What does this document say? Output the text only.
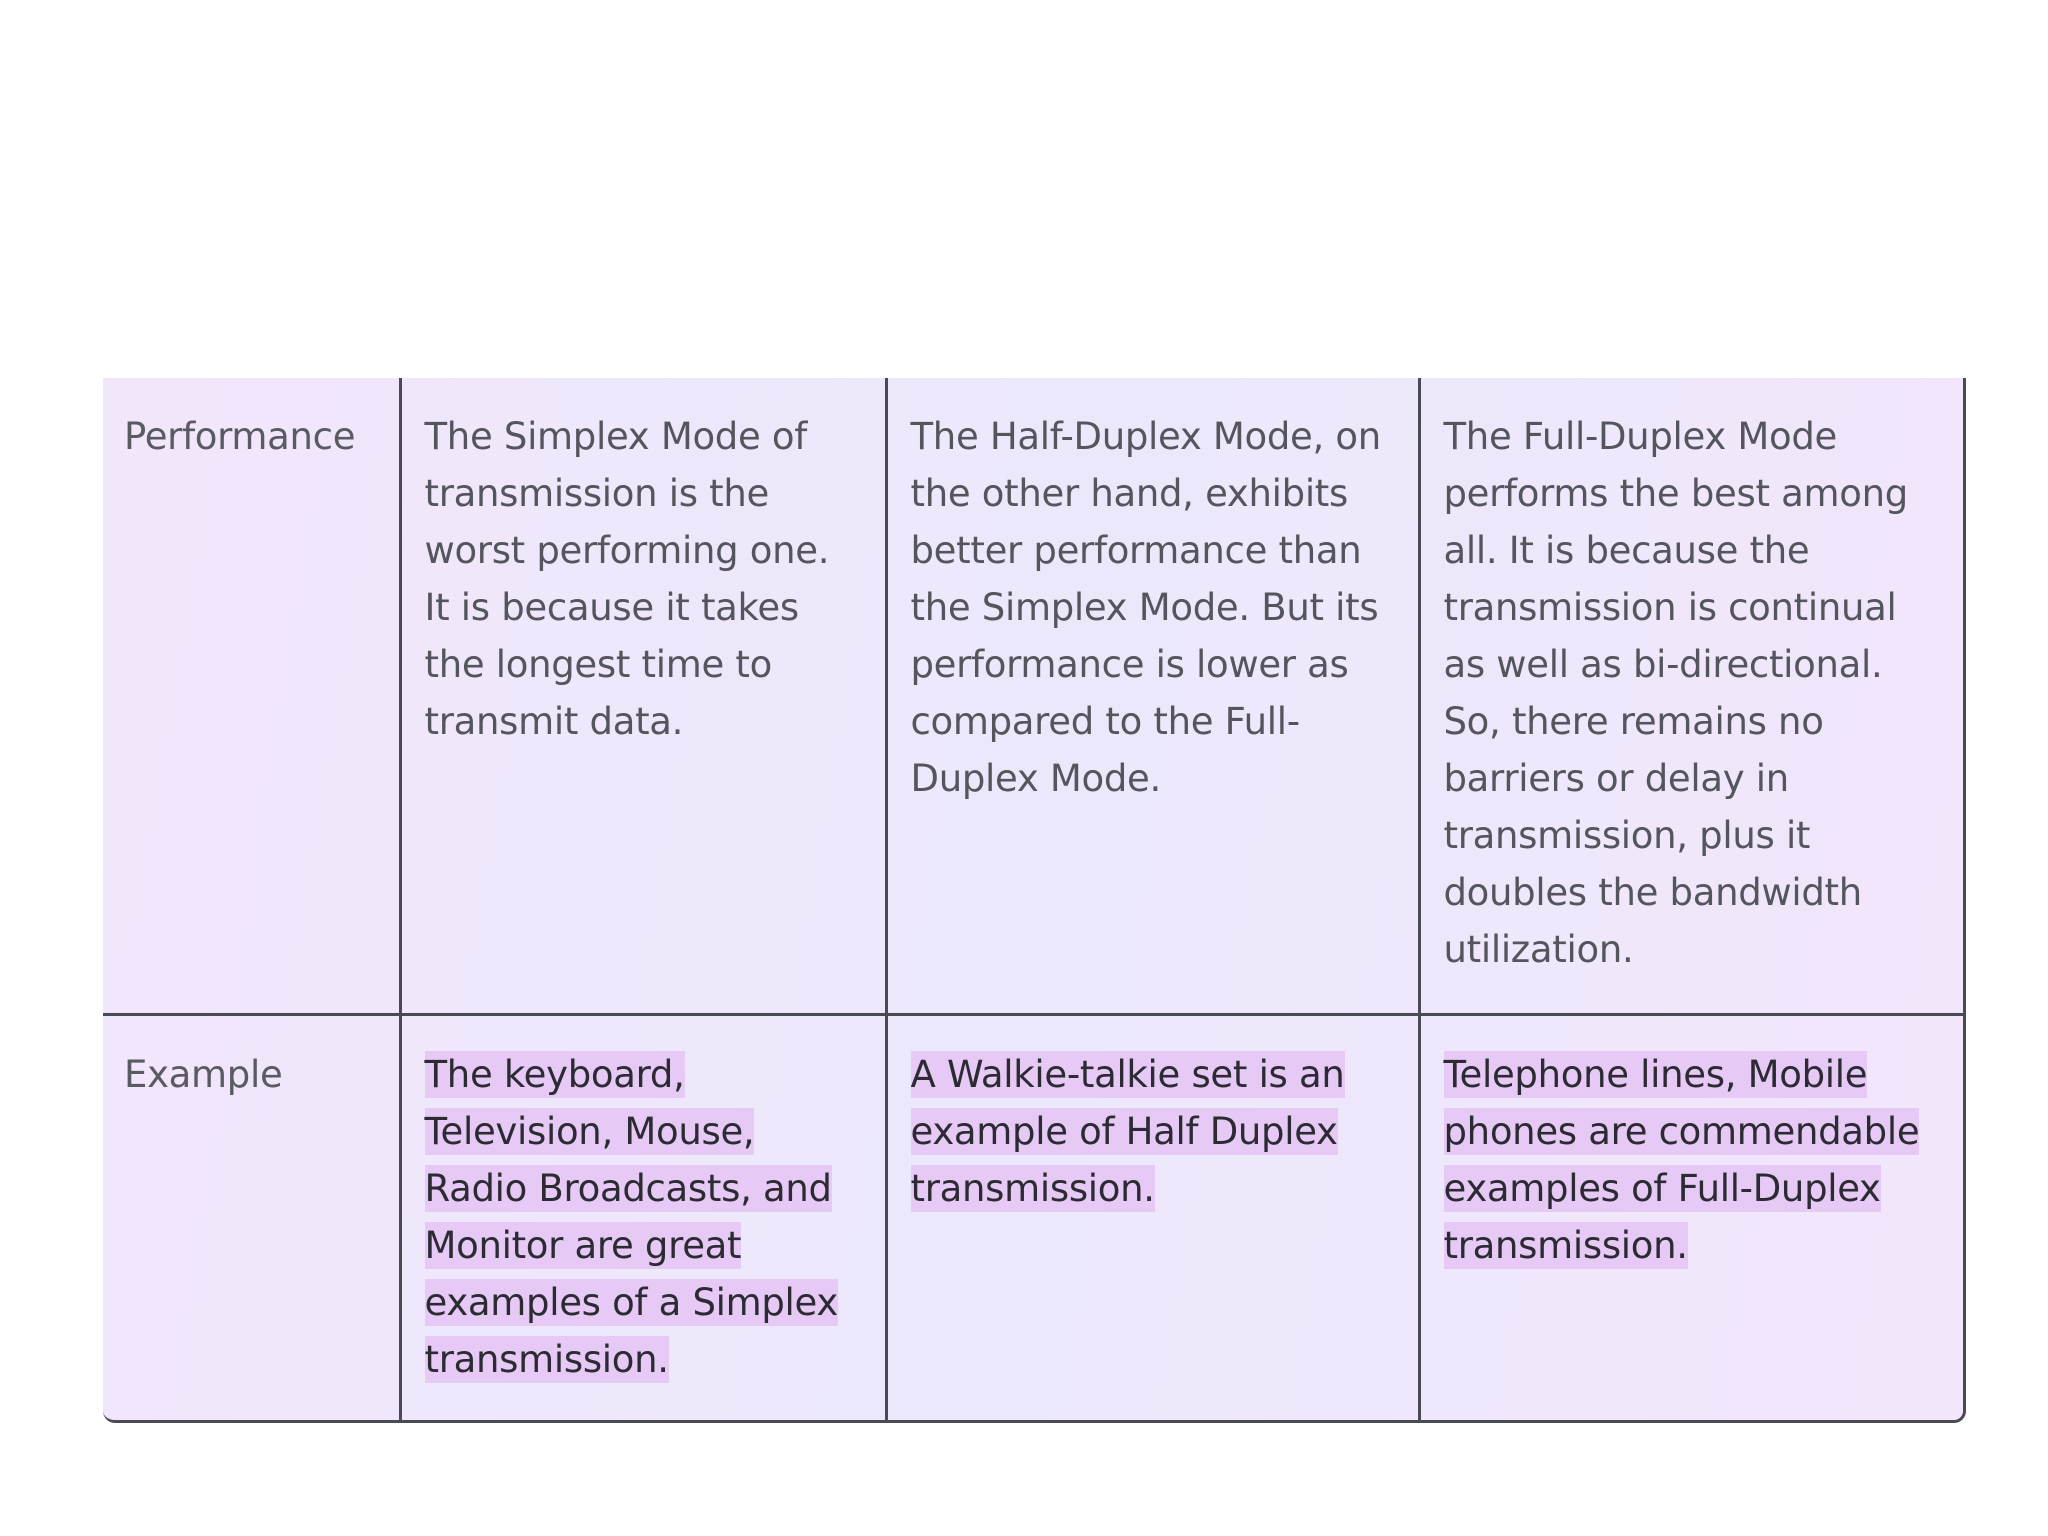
Performance	The Simplex Mode of transmission is the worst performing one. It is because it takes the longest time to transmit data.	The Half-Duplex Mode, on the other hand, exhibits better performance than the Simplex Mode. But its performance is lower as compared to the Full-Duplex Mode.	The Full-Duplex Mode performs the best among all. It is because the transmission is continual as well as bi-directional. So, there remains no barriers or delay in transmission, plus it doubles the bandwidth utilization.
Example	The keyboard, Television, Mouse, Radio Broadcasts, and Monitor are great examples of a Simplex transmission.	A Walkie-talkie set is an example of Half Duplex transmission.	Telephone lines, Mobile phones are commendable examples of Full-Duplex transmission.
